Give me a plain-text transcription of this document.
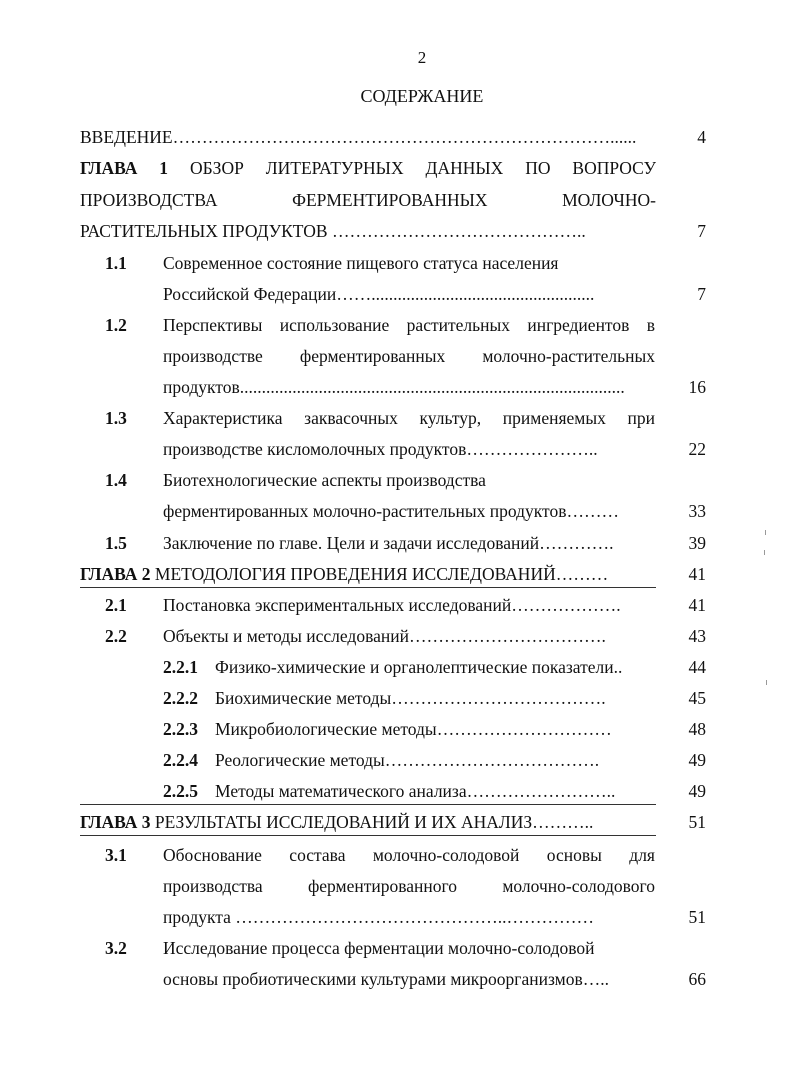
2
СОДЕРЖАНИЕ
ВВЕДЕНИЕ…………………………………………………………………......	4
ГЛАВА 1 ОБЗОР ЛИТЕРАТУРНЫХ ДАННЫХ ПО ВОПРОСУ
ПРОИЗВОДСТВА ФЕРМЕНТИРОВАННЫХ МОЛОЧНО-
РАСТИТЕЛЬНЫХ ПРОДУКТОВ ……………………………………..	7
1.1 Современное состояние пищевого статуса населения
Российской Федерации……...................................................	7
1.2 Перспективы использование растительных ингредиентов в
производстве ферментированных молочно-растительных
продуктов........................................................................................	16
1.3 Характеристика заквасочных культур, применяемых при
производстве кисломолочных продуктов…………………..	22
1.4 Биотехнологические аспекты производства
ферментированных молочно-растительных продуктов………	33
1.5 Заключение по главе. Цели и задачи исследований………….	39
ГЛАВА 2 МЕТОДОЛОГИЯ ПРОВЕДЕНИЯ ИССЛЕДОВАНИЙ………	41
2.1 Постановка экспериментальных исследований……………….	41
2.2 Объекты и методы исследований…………………………….	43
2.2.1 Физико-химические и органолептические показатели..	44
2.2.2 Биохимические методы……………………………….	45
2.2.3 Микробиологические методы…………………………	48
2.2.4 Реологические методы……………………………….	49
2.2.5 Методы математического анализа……………………..	49
ГЛАВА 3 РЕЗУЛЬТАТЫ ИССЛЕДОВАНИЙ И ИХ АНАЛИЗ………..	51
3.1 Обоснование состава молочно-солодовой основы для
производства ферментированного молочно-солодового
продукта ………………………………………..……………	51
3.2 Исследование процесса ферментации молочно-солодовой
основы пробиотическими культурами микроорганизмов…..	66
